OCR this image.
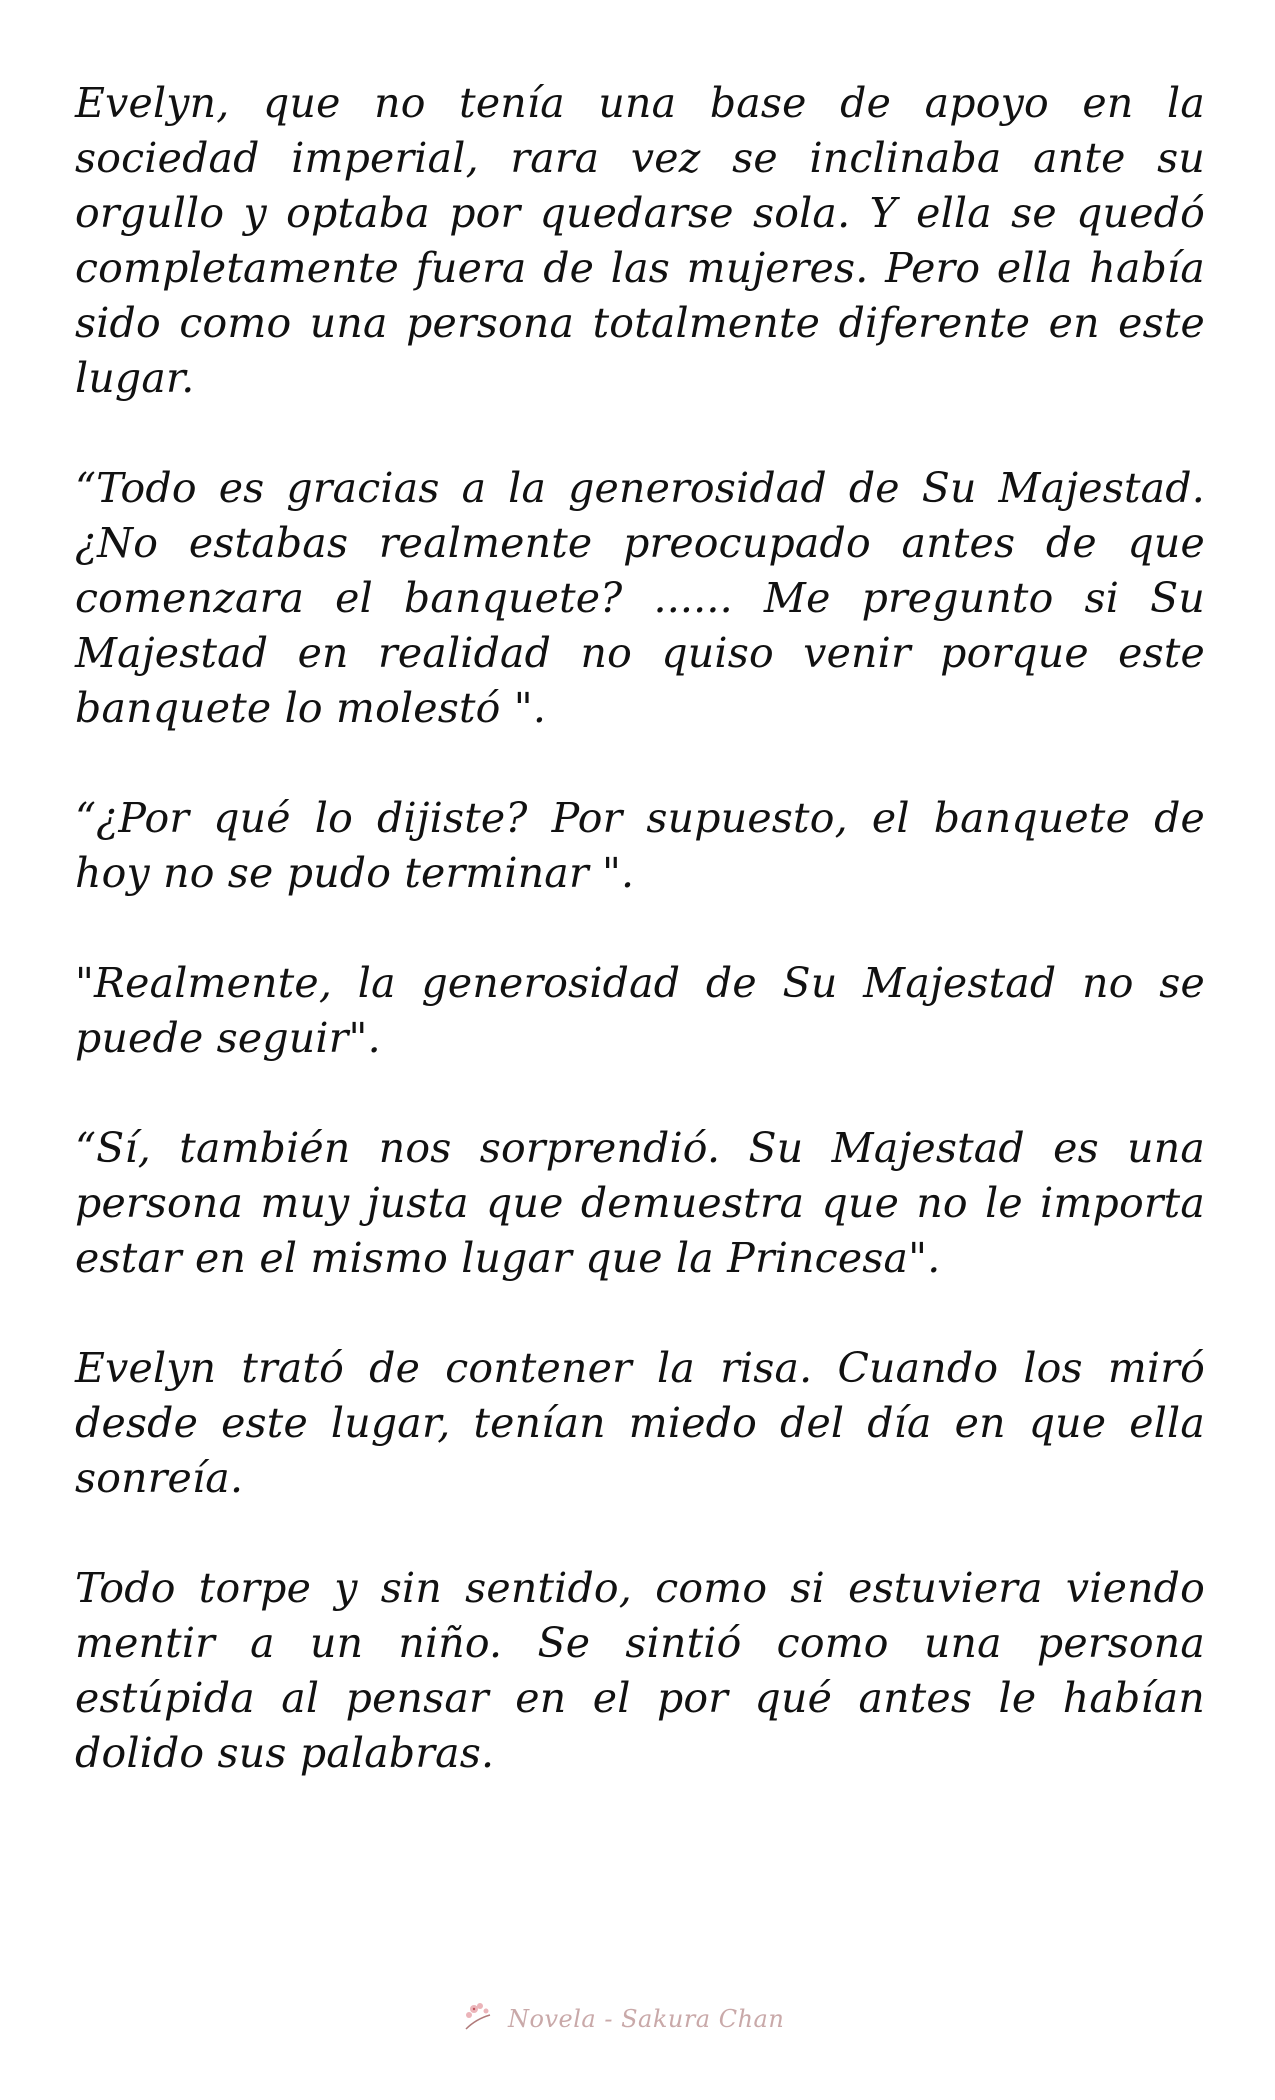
Evelyn, que no tenía una base de apoyo en la sociedad imperial, rara vez se inclinaba ante su orgullo y optaba por quedarse sola. Y ella se quedó completamente fuera de las mujeres. Pero ella había sido como una persona totalmente diferente en este lugar.

“Todo es gracias a la generosidad de Su Majestad. ¿No estabas realmente preocupado antes de que comenzara el banquete? ...... Me pregunto si Su Majestad en realidad no quiso venir porque este banquete lo molestó ".

“¿Por qué lo dijiste? Por supuesto, el banquete de hoy no se pudo terminar ".

"Realmente, la generosidad de Su Majestad no se puede seguir".

“Sí, también nos sorprendió. Su Majestad es una persona muy justa que demuestra que no le importa estar en el mismo lugar que la Princesa".

Evelyn trató de contener la risa. Cuando los miró desde este lugar, tenían miedo del día en que ella sonreía.

Todo torpe y sin sentido, como si estuviera viendo mentir a un niño. Se sintió como una persona estúpida al pensar en el por qué antes le habían dolido sus palabras.

Novela - Sakura Chan
